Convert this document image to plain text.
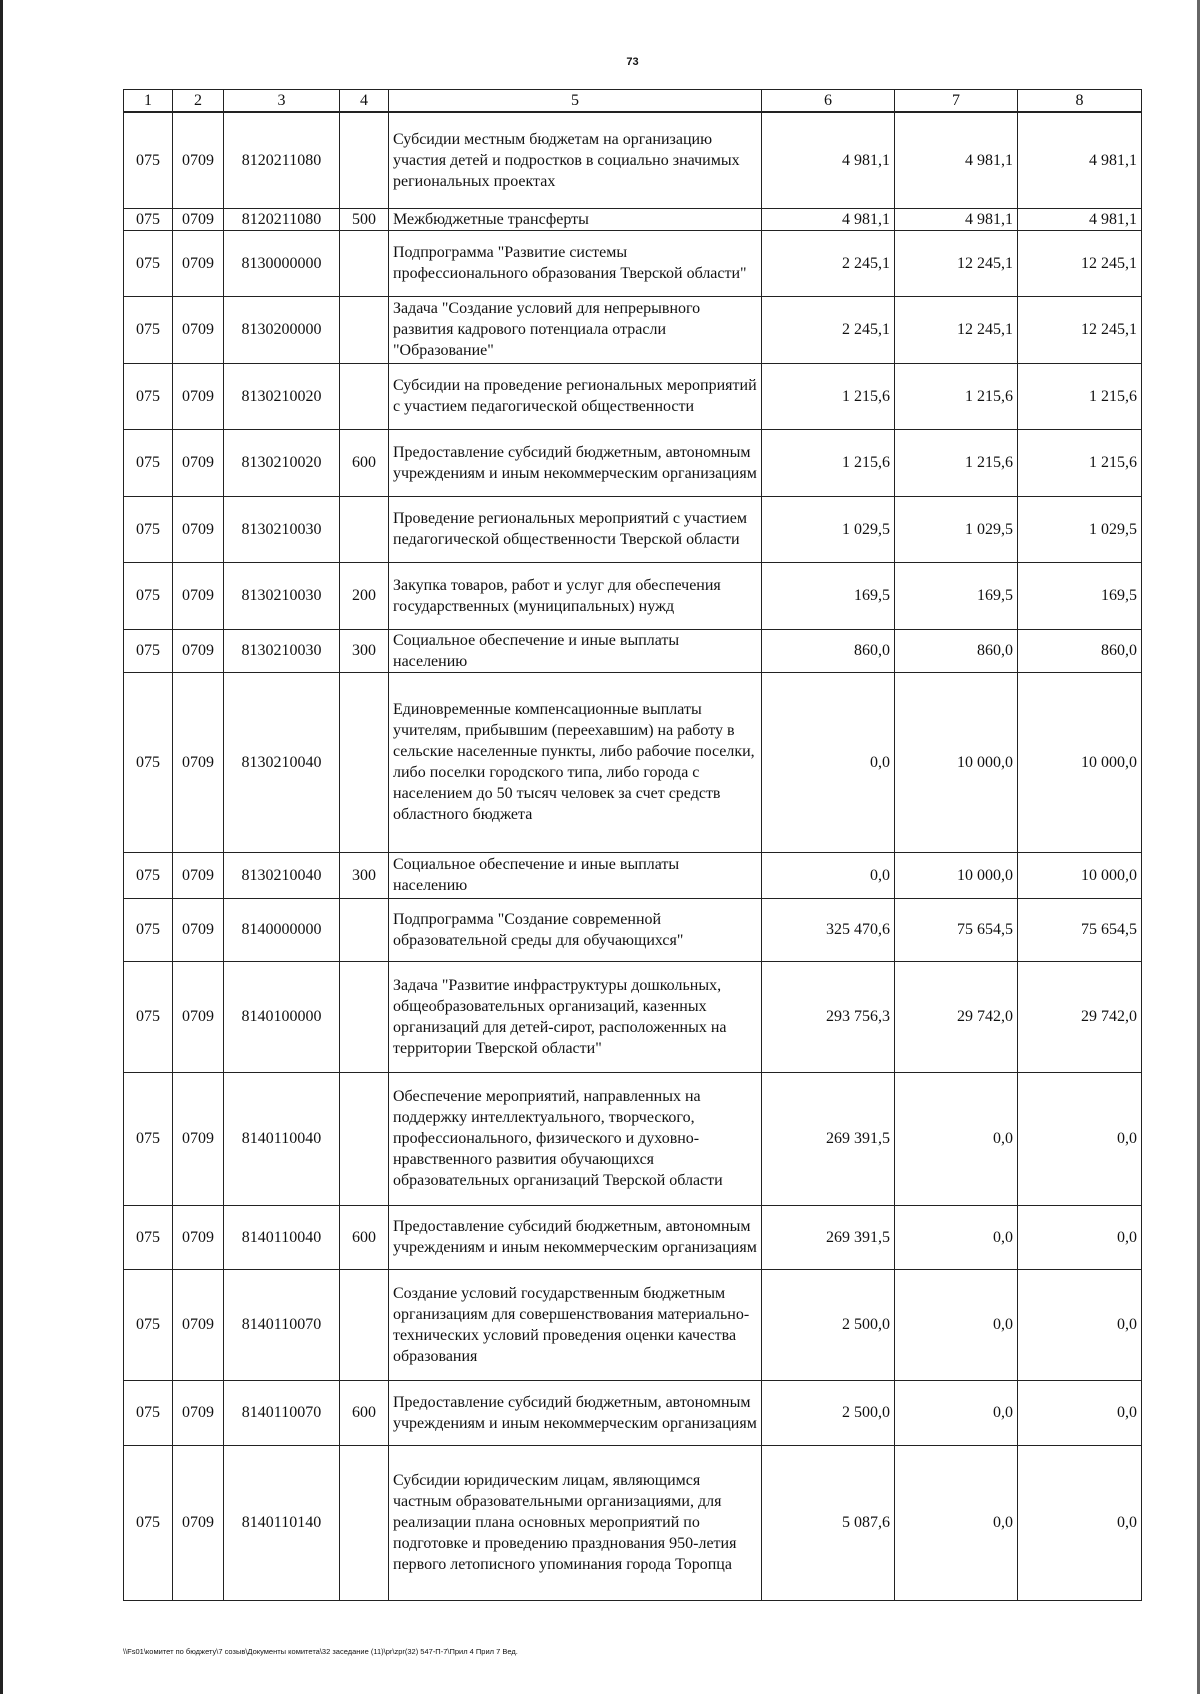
73
1	2	3	4	5	6	7	8
075	0709	8120211080		Субсидии местным бюджетам на организацию участия детей и подростков в социально значимых региональных проектах	4 981,1	4 981,1	4 981,1
075	0709	8120211080	500	Межбюджетные трансферты	4 981,1	4 981,1	4 981,1
075	0709	8130000000		Подпрограмма "Развитие системы профессионального образования Тверской области"	2 245,1	12 245,1	12 245,1
075	0709	8130200000		Задача "Создание условий для непрерывного развития кадрового потенциала отрасли "Образование"	2 245,1	12 245,1	12 245,1
075	0709	8130210020		Субсидии на проведение региональных мероприятий с участием педагогической общественности	1 215,6	1 215,6	1 215,6
075	0709	8130210020	600	Предоставление субсидий бюджетным, автономным учреждениям и иным некоммерческим организациям	1 215,6	1 215,6	1 215,6
075	0709	8130210030		Проведение региональных мероприятий с участием педагогической общественности Тверской области	1 029,5	1 029,5	1 029,5
075	0709	8130210030	200	Закупка товаров, работ и услуг для обеспечения государственных (муниципальных) нужд	169,5	169,5	169,5
075	0709	8130210030	300	Социальное обеспечение и иные выплаты населению	860,0	860,0	860,0
075	0709	8130210040		Единовременные компенсационные выплаты учителям, прибывшим (переехавшим) на работу в сельские населенные пункты, либо рабочие поселки, либо поселки городского типа, либо города с населением до 50 тысяч человек за счет средств областного бюджета	0,0	10 000,0	10 000,0
075	0709	8130210040	300	Социальное обеспечение и иные выплаты населению	0,0	10 000,0	10 000,0
075	0709	8140000000		Подпрограмма "Создание современной образовательной среды для обучающихся"	325 470,6	75 654,5	75 654,5
075	0709	8140100000		Задача "Развитие инфраструктуры дошкольных, общеобразовательных организаций, казенных организаций для детей-сирот, расположенных на территории Тверской области"	293 756,3	29 742,0	29 742,0
075	0709	8140110040		Обеспечение мероприятий, направленных на поддержку интеллектуального, творческого, профессионального, физического и духовно-нравственного развития обучающихся образовательных организаций Тверской области	269 391,5	0,0	0,0
075	0709	8140110040	600	Предоставление субсидий бюджетным, автономным учреждениям и иным некоммерческим организациям	269 391,5	0,0	0,0
075	0709	8140110070		Создание условий государственным бюджетным организациям для совершенствования материально-технических условий проведения оценки качества образования	2 500,0	0,0	0,0
075	0709	8140110070	600	Предоставление субсидий бюджетным, автономным учреждениям и иным некоммерческим организациям	2 500,0	0,0	0,0
075	0709	8140110140		Субсидии юридическим лицам, являющимся частным образовательными организациями, для реализации плана основных мероприятий по подготовке и проведению празднования 950-летия первого летописного упоминания города Торопца	5 087,6	0,0	0,0
\\Fs01\комитет по бюджету\7 созыв\Документы комитета\32 заседание (11)\pr\zpr(32) 547-П-7\Прил 4 Прил 7 Вед.
